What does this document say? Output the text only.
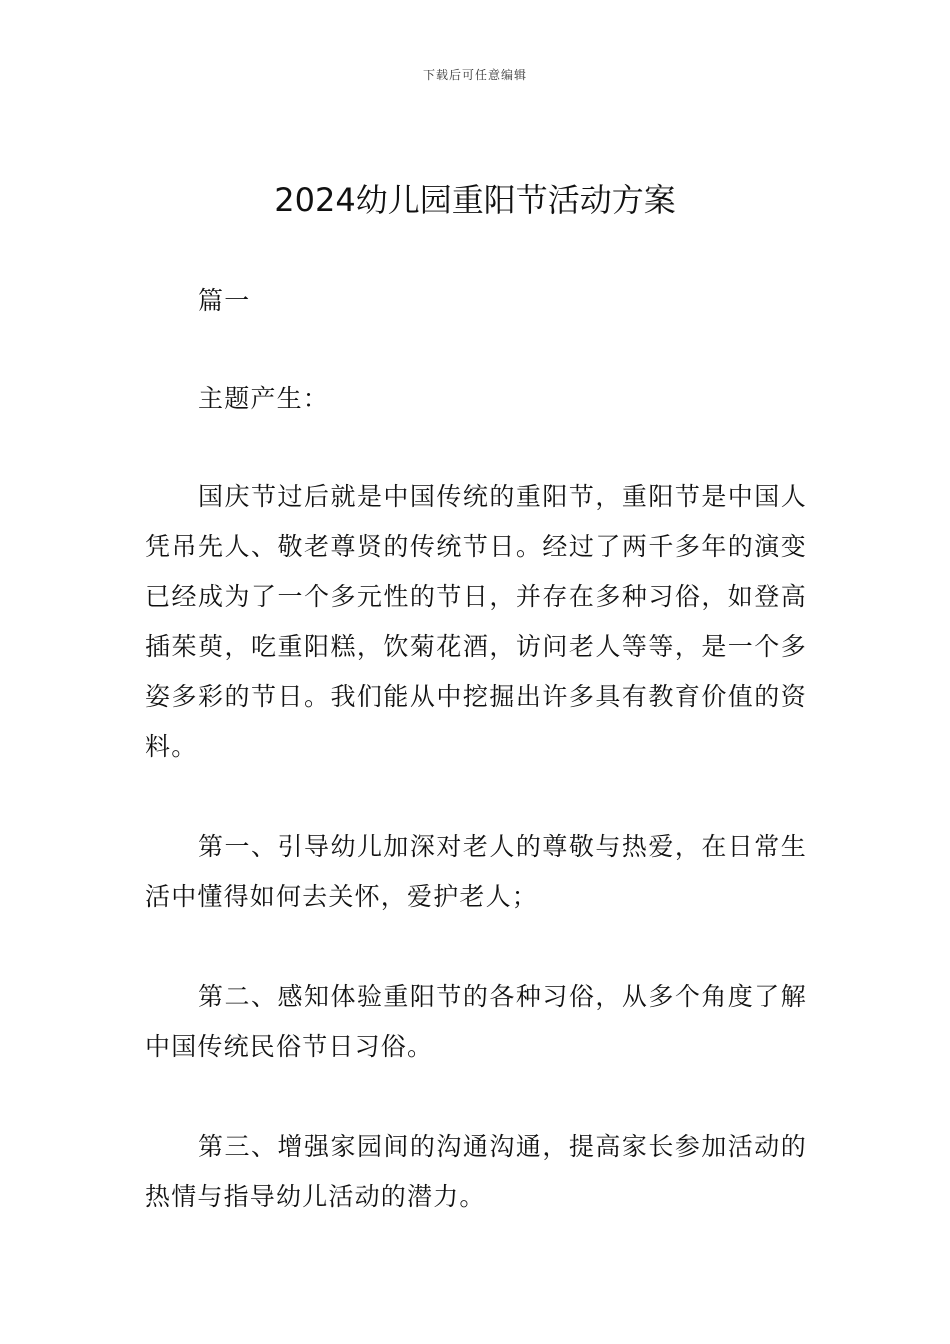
下载后可任意编辑
2024幼儿园重阳节活动方案

篇一

主题产生：

国庆节过后就是中国传统的重阳节，重阳节是中国人凭吊先人、敬老尊贤的传统节日。经过了两千多年的演变已经成为了一个多元性的节日，并存在多种习俗，如登高插茱萸，吃重阳糕，饮菊花酒，访问老人等等，是一个多姿多彩的节日。我们能从中挖掘出许多具有教育价值的资料。

第一、引导幼儿加深对老人的尊敬与热爱，在日常生活中懂得如何去关怀，爱护老人；

第二、感知体验重阳节的各种习俗，从多个角度了解中国传统民俗节日习俗。

第三、增强家园间的沟通沟通，提高家长参加活动的热情与指导幼儿活动的潜力。
